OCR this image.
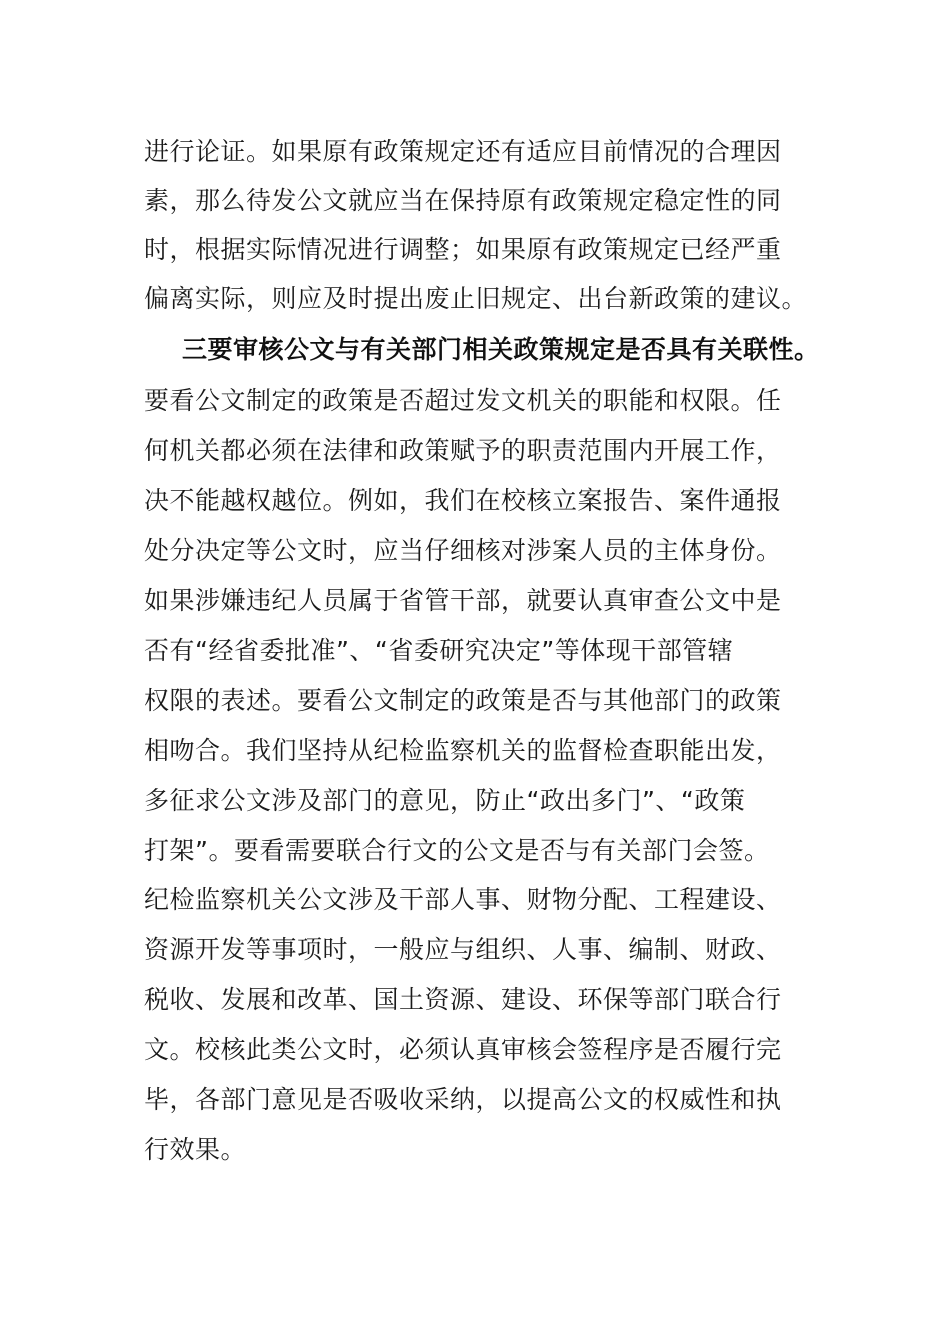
进行论证。如果原有政策规定还有适应目前情况的合理因
素，那么待发公文就应当在保持原有政策规定稳定性的同
时，根据实际情况进行调整；如果原有政策规定已经严重
偏离实际，则应及时提出废止旧规定、出台新政策的建议。
三要审核公文与有关部门相关政策规定是否具有关联性。
要看公文制定的政策是否超过发文机关的职能和权限。任
何机关都必须在法律和政策赋予的职责范围内开展工作，
决不能越权越位。例如，我们在校核立案报告、案件通报
处分决定等公文时，应当仔细核对涉案人员的主体身份。
如果涉嫌违纪人员属于省管干部，就要认真审查公文中是
否有“经省委批准”、“省委研究决定”等体现干部管辖
权限的表述。要看公文制定的政策是否与其他部门的政策
相吻合。我们坚持从纪检监察机关的监督检查职能出发，
多征求公文涉及部门的意见，防止“政出多门”、“政策
打架”。要看需要联合行文的公文是否与有关部门会签。
纪检监察机关公文涉及干部人事、财物分配、工程建设、
资源开发等事项时，一般应与组织、人事、编制、财政、
税收、发展和改革、国土资源、建设、环保等部门联合行
文。校核此类公文时，必须认真审核会签程序是否履行完
毕，各部门意见是否吸收采纳，以提高公文的权威性和执
行效果。
